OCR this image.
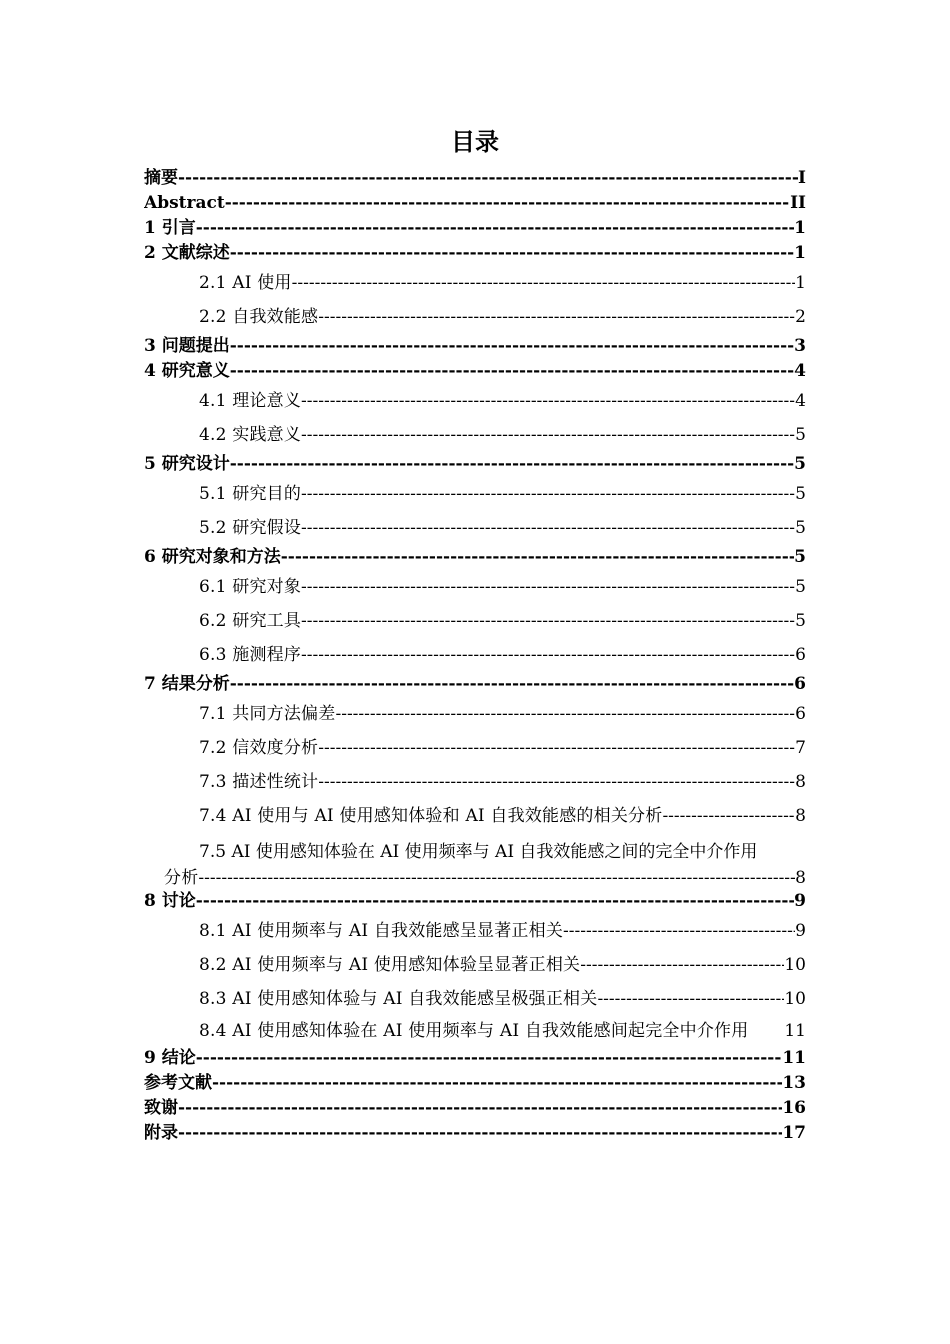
目录
摘要 -----	I
Abstract -----	II
1 引言 -----	1
2 文献综述 -----	1
2.1 AI 使用 -----	1
2.2 自我效能感 -----	2
3 问题提出 -----	3
4 研究意义 -----	4
4.1 理论意义 -----	4
4.2 实践意义 -----	5
5 研究设计 -----	5
5.1 研究目的 -----	5
5.2 研究假设 -----	5
6 研究对象和方法 -----	5
6.1 研究对象 -----	5
6.2 研究工具 -----	5
6.3 施测程序 -----	6
7 结果分析 -----	6
7.1 共同方法偏差 -----	6
7.2 信效度分析 -----	7
7.3 描述性统计 -----	8
7.4 AI 使用与 AI 使用感知体验和 AI 自我效能感的相关分析 -----	8
7.5 AI 使用感知体验在 AI 使用频率与 AI 自我效能感之间的完全中介作用
分析 -----	8
8 讨论 -----	9
8.1 AI 使用频率与 AI 自我效能感呈显著正相关 -----	9
8.2 AI 使用频率与 AI 使用感知体验呈显著正相关 -----	10
8.3 AI 使用感知体验与 AI 自我效能感呈极强正相关 -----	10
8.4 AI 使用感知体验在 AI 使用频率与 AI 自我效能感间起完全中介作用 11
9 结论 -----	11
参考文献 -----	13
致谢 -----	16
附录 -----	17
